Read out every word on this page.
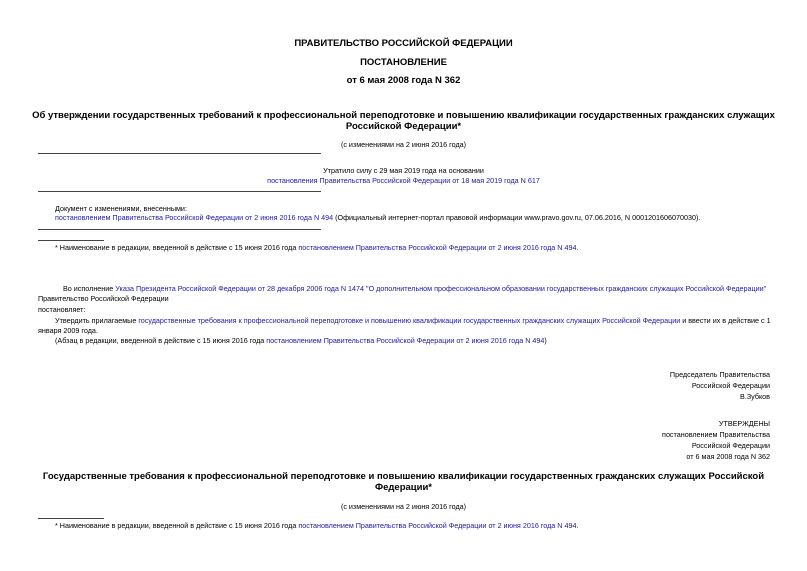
ПРАВИТЕЛЬСТВО РОССИЙСКОЙ ФЕДЕРАЦИИ
ПОСТАНОВЛЕНИЕ
от 6 мая 2008 года N 362
Об утверждении государственных требований к профессиональной переподготовке и повышению квалификации государственных гражданских служащих
Российской Федерации*
(с изменениями на 2 июня 2016 года)
Утратило силу с 29 мая 2019 года на основании
постановления Правительства Российской Федерации от 18 мая 2019 года N 617
Документ с изменениями, внесенными:
постановлением Правительства Российской Федерации от 2 июня 2016 года N 494 (Официальный интернет-портал правовой информации www.pravo.gov.ru, 07.06.2016, N 0001201606070030).
* Наименование в редакции, введенной в действие с 15 июня 2016 года постановлением Правительства Российской Федерации от 2 июня 2016 года N 494.
Во исполнение Указа Президента Российской Федерации от 28 декабря 2006 года N 1474 "О дополнительном профессиональном образовании государственных гражданских служащих Российской Федерации"
Правительство Российской Федерации
постановляет:
Утвердить прилагаемые государственные требования к профессиональной переподготовке и повышению квалификации государственных гражданских служащих Российской Федерации и ввести их в действие с 1
января 2009 года.
(Абзац в редакции, введенной в действие с 15 июня 2016 года постановлением Правительства Российской Федерации от 2 июня 2016 года N 494)
Председатель Правительства
Российской Федерации
В.Зубков
УТВЕРЖДЕНЫ
постановлением Правительства
Российской Федерации
от 6 мая 2008 года N 362
Государственные требования к профессиональной переподготовке и повышению квалификации государственных гражданских служащих Российской
Федерации*
(с изменениями на 2 июня 2016 года)
* Наименование в редакции, введенной в действие с 15 июня 2016 года постановлением Правительства Российской Федерации от 2 июня 2016 года N 494.
